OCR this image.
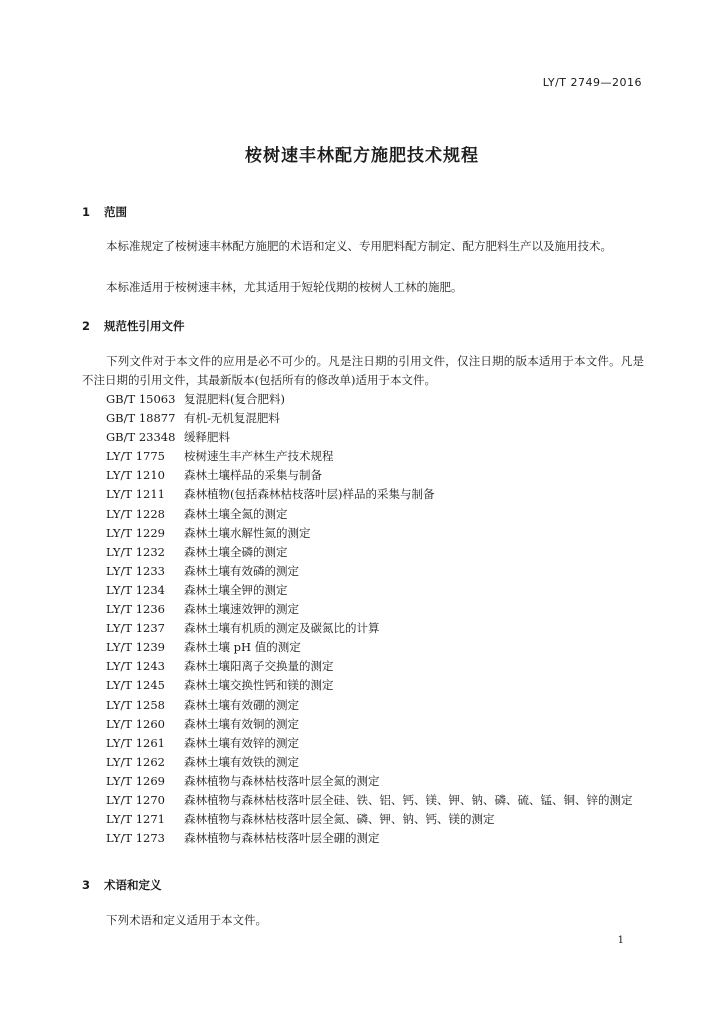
LY/T 2749—2016
桉树速丰林配方施肥技术规程
1 范围
本标准规定了桉树速丰林配方施肥的术语和定义、专用肥料配方制定、配方肥料生产以及施用技术。
本标准适用于桉树速丰林，尤其适用于短轮伐期的桉树人工林的施肥。
2 规范性引用文件
下列文件对于本文件的应用是必不可少的。凡是注日期的引用文件，仅注日期的版本适用于本文件。凡是不注日期的引用文件，其最新版本(包括所有的修改单)适用于本文件。
GB/T 15063 复混肥料(复合肥料)
GB/T 18877 有机-无机复混肥料
GB/T 23348 缓释肥料
LY/T 1775 桉树速生丰产林生产技术规程
LY/T 1210 森林土壤样品的采集与制备
LY/T 1211 森林植物(包括森林枯枝落叶层)样品的采集与制备
LY/T 1228 森林土壤全氮的测定
LY/T 1229 森林土壤水解性氮的测定
LY/T 1232 森林土壤全磷的测定
LY/T 1233 森林土壤有效磷的测定
LY/T 1234 森林土壤全钾的测定
LY/T 1236 森林土壤速效钾的测定
LY/T 1237 森林土壤有机质的测定及碳氮比的计算
LY/T 1239 森林土壤 pH 值的测定
LY/T 1243 森林土壤阳离子交换量的测定
LY/T 1245 森林土壤交换性钙和镁的测定
LY/T 1258 森林土壤有效硼的测定
LY/T 1260 森林土壤有效铜的测定
LY/T 1261 森林土壤有效锌的测定
LY/T 1262 森林土壤有效铁的测定
LY/T 1269 森林植物与森林枯枝落叶层全氮的测定
LY/T 1270 森林植物与森林枯枝落叶层全硅、铁、铝、钙、镁、钾、钠、磷、硫、锰、铜、锌的测定
LY/T 1271 森林植物与森林枯枝落叶层全氮、磷、钾、钠、钙、镁的测定
LY/T 1273 森林植物与森林枯枝落叶层全硼的测定
3 术语和定义
下列术语和定义适用于本文件。
1
